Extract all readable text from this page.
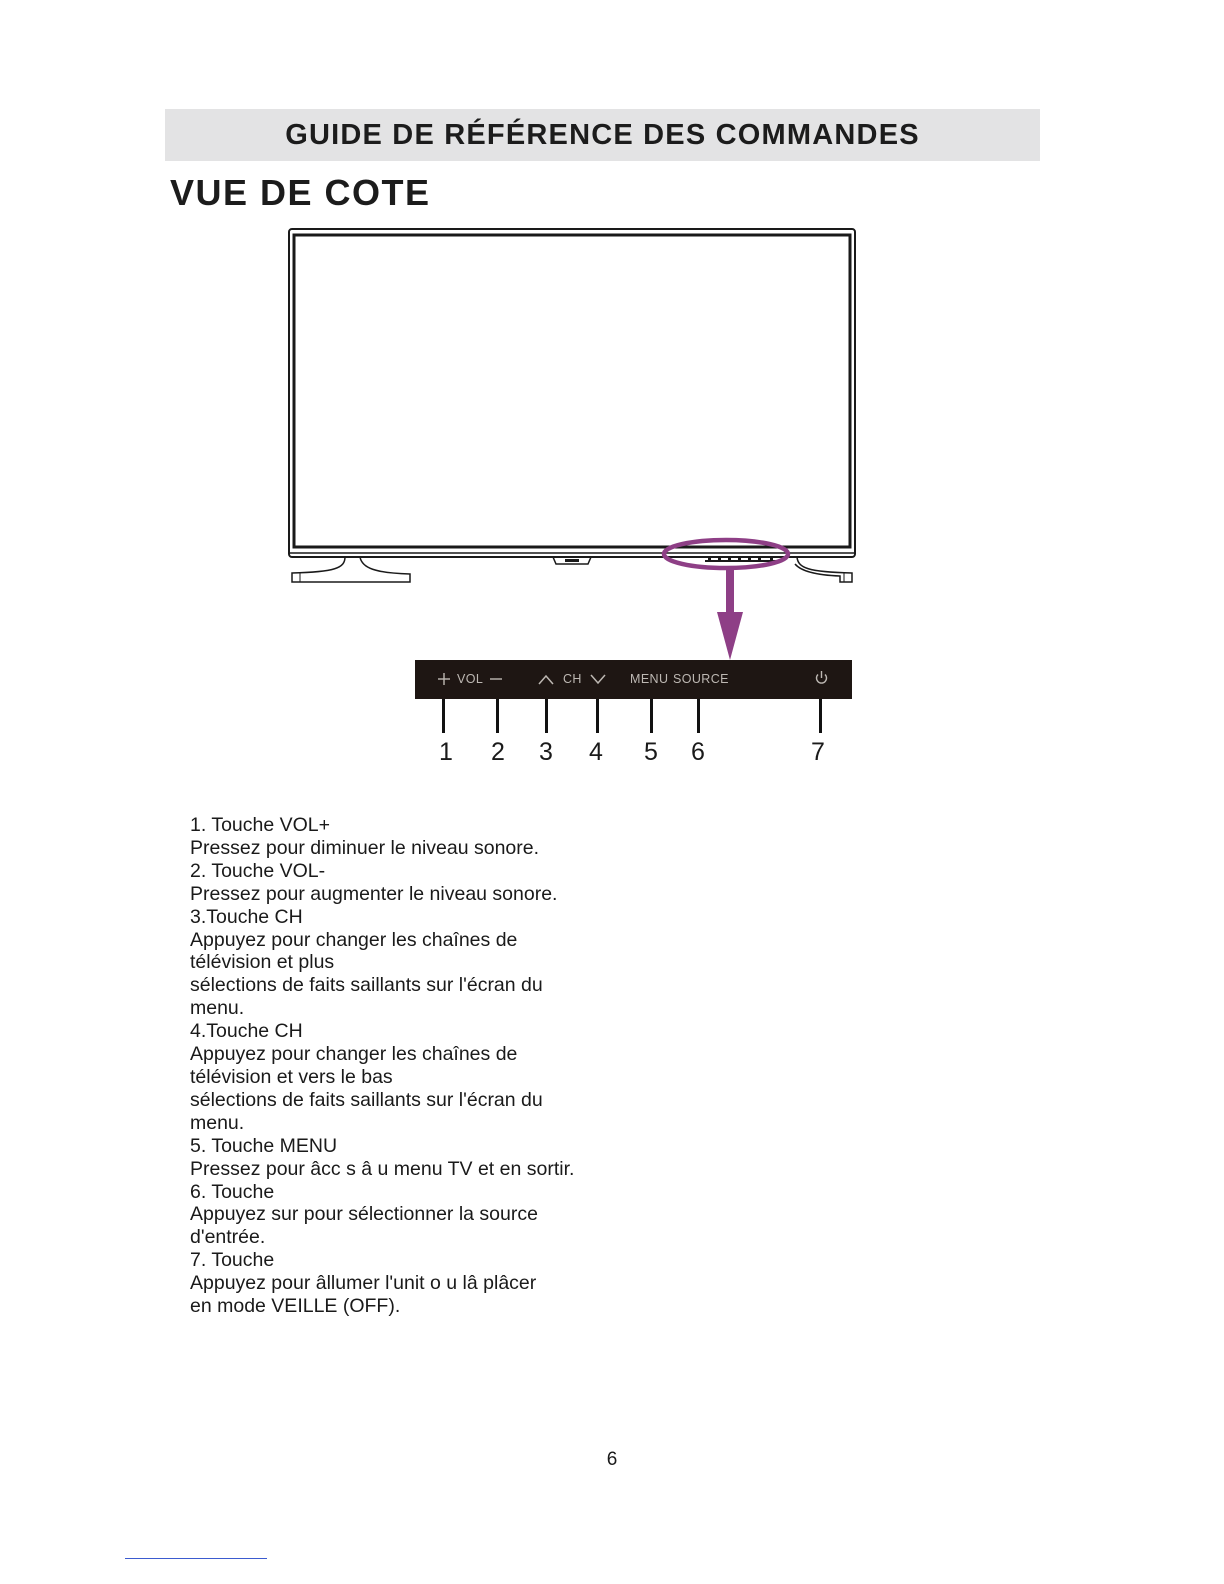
GUIDE DE RÉFÉRENCE DES COMMANDES
VUE DE COTE
VOL	CH	MENU SOURCE
1 2 3 4 5 6	7

1. Touche VOL+

Pressez pour diminuer le niveau sonore.

2. Touche VOL-

Pressez pour augmenter le niveau sonore.

3.Touche CH

Appuyez pour changer les chaînes de

télévision et plus

sélections de faits saillants sur l'écran du

menu.

4.Touche CH

Appuyez pour changer les chaînes de

télévision et vers le bas

sélections de faits saillants sur l'écran du

menu.

5. Touche MENU

Pressez pour âcc s â u menu TV et en sortir.

6. Touche

Appuyez sur pour sélectionner la source

d'entrée.

7. Touche

Appuyez pour âllumer l'unit o u lâ plâcer

en mode VEILLE (OFF).

6
